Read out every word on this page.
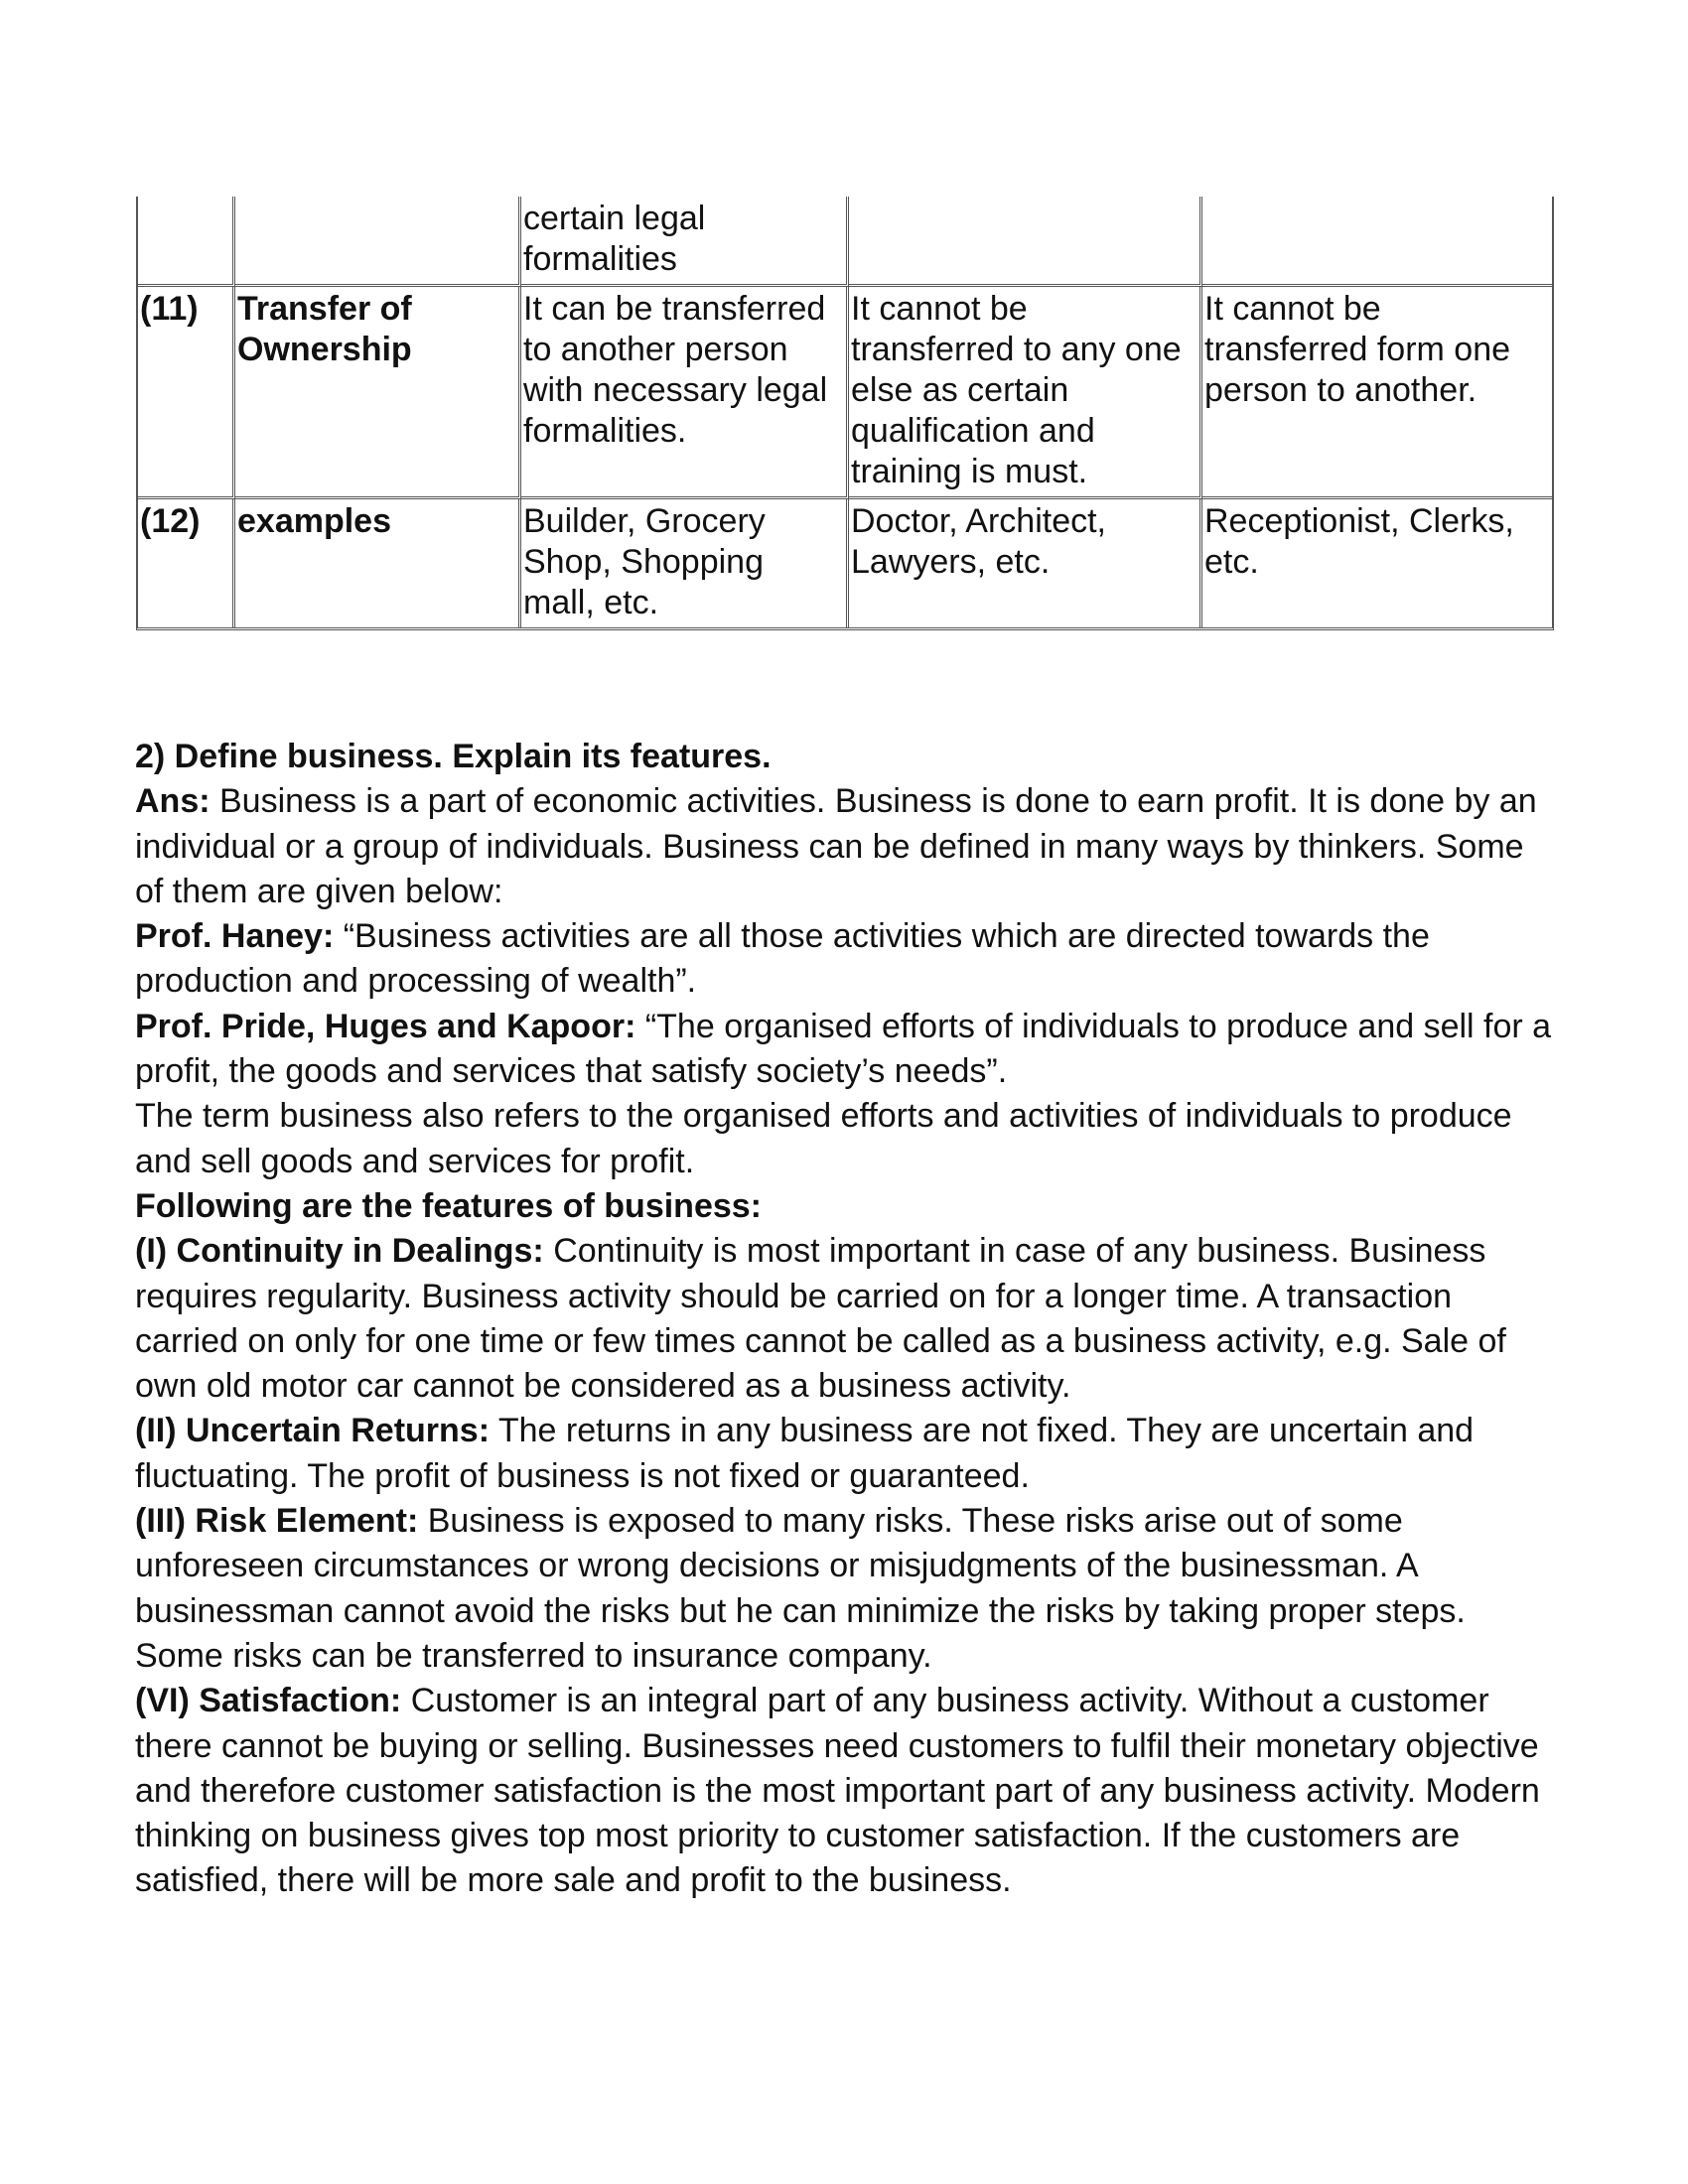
		certain legal formalities		
(11)	Transfer of Ownership	It can be transferred to another person with necessary legal formalities.	It cannot be transferred to any one else as certain qualification and training is must.	It cannot be transferred form one person to another.
(12)	examples	Builder, Grocery Shop, Shopping mall, etc.	Doctor, Architect, Lawyers, etc.	Receptionist, Clerks, etc.

2) Define business. Explain its features.

Ans: Business is a part of economic activities. Business is done to earn profit. It is done by an individual or a group of individuals. Business can be defined in many ways by thinkers. Some of them are given below:

Prof. Haney: “Business activities are all those activities which are directed towards the production and processing of wealth”.

Prof. Pride, Huges and Kapoor: “The organised efforts of individuals to produce and sell for a profit, the goods and services that satisfy society’s needs”.

The term business also refers to the organised efforts and activities of individuals to produce and sell goods and services for profit.

Following are the features of business:

(I) Continuity in Dealings: Continuity is most important in case of any business. Business requires regularity. Business activity should be carried on for a longer time. A transaction carried on only for one time or few times cannot be called as a business activity, e.g. Sale of own old motor car cannot be considered as a business activity.

(II) Uncertain Returns: The returns in any business are not fixed. They are uncertain and fluctuating. The profit of business is not fixed or guaranteed.

(III) Risk Element: Business is exposed to many risks. These risks arise out of some unforeseen circumstances or wrong decisions or misjudgments of the businessman. A businessman cannot avoid the risks but he can minimize the risks by taking proper steps. Some risks can be transferred to insurance company.

(VI) Satisfaction: Customer is an integral part of any business activity. Without a customer there cannot be buying or selling. Businesses need customers to fulfil their monetary objective and therefore customer satisfaction is the most important part of any business activity. Modern thinking on business gives top most priority to customer satisfaction. If the customers are satisfied, there will be more sale and profit to the business.
